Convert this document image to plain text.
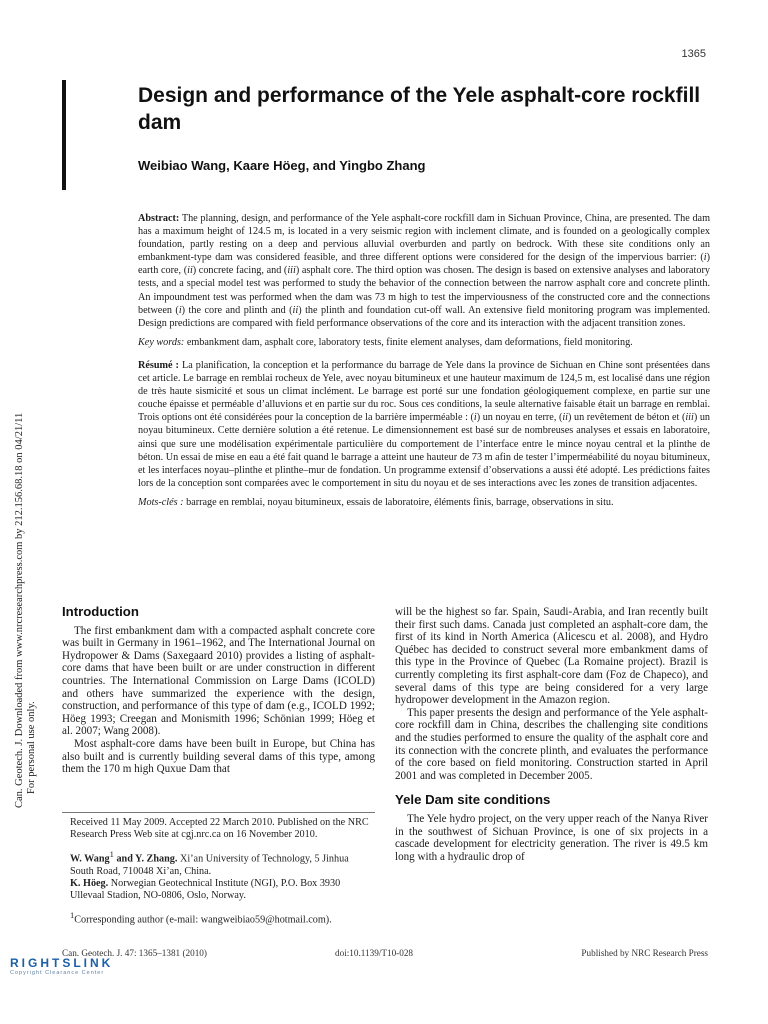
1365
Design and performance of the Yele asphalt-core rockfill dam
Weibiao Wang, Kaare Höeg, and Yingbo Zhang

Abstract: The planning, design, and performance of the Yele asphalt-core rockfill dam in Sichuan Province, China, are presented. The dam has a maximum height of 124.5 m, is located in a very seismic region with inclement climate, and is founded on a geologically complex foundation, partly resting on a deep and pervious alluvial overburden and partly on bedrock. With these site conditions only an embankment-type dam was considered feasible, and three different options were considered for the design of the impervious barrier: (i) earth core, (ii) concrete facing, and (iii) asphalt core. The third option was chosen. The design is based on extensive analyses and laboratory tests, and a special model test was performed to study the behavior of the connection between the narrow asphalt core and concrete plinth. An impoundment test was performed when the dam was 73 m high to test the imperviousness of the constructed core and the connections between (i) the core and plinth and (ii) the plinth and foundation cut-off wall. An extensive field monitoring program was implemented. Design predictions are compared with field performance observations of the core and its interaction with the adjacent transition zones.

Key words: embankment dam, asphalt core, laboratory tests, finite element analyses, dam deformations, field monitoring.

Résumé : La planification, la conception et la performance du barrage de Yele dans la province de Sichuan en Chine sont présentées dans cet article. Le barrage en remblai rocheux de Yele, avec noyau bitumineux et une hauteur maximum de 124,5 m, est localisé dans une région de très haute sismicité et sous un climat inclément. Le barrage est porté sur une fondation géologiquement complexe, en partie sur une couche épaisse et perméable d’alluvions et en partie sur du roc. Sous ces conditions, la seule alternative faisable était un barrage en remblai. Trois options ont été considérées pour la conception de la barrière imperméable : (i) un noyau en terre, (ii) un revêtement de béton et (iii) un noyau bitumineux. Cette dernière solution a été retenue. Le dimensionnement est basé sur de nombreuses analyses et essais en laboratoire, ainsi que sure une modélisation expérimentale particulière du comportement de l’interface entre le mince noyau central et la plinthe de béton. Un essai de mise en eau a été fait quand le barrage a atteint une hauteur de 73 m afin de tester l’imperméabilité du noyau bitumineux, et les interfaces noyau–plinthe et plinthe–mur de fondation. Un programme extensif d’observations a aussi été adopté. Les prédictions faites lors de la conception sont comparées avec le comportement in situ du noyau et de ses interactions avec les zones de transition adjacentes.

Mots-clés : barrage en remblai, noyau bitumineux, essais de laboratoire, éléments finis, barrage, observations in situ.

Can. Geotech. J. Downloaded from www.nrcresearchpress.com by 212.156.68.18 on 04/21/11 For personal use only.
Introduction

The first embankment dam with a compacted asphalt concrete core was built in Germany in 1961–1962, and The International Journal on Hydropower & Dams (Saxegaard 2010) provides a listing of asphalt-core dams that have been built or are under construction in different countries. The International Commission on Large Dams (ICOLD) and others have summarized the experience with the design, construction, and performance of this type of dam (e.g., ICOLD 1992; Höeg 1993; Creegan and Monismith 1996; Schönian 1999; Höeg et al. 2007; Wang 2008).

Most asphalt-core dams have been built in Europe, but China has also built and is currently building several dams of this type, among them the 170 m high Quxue Dam that

Received 11 May 2009. Accepted 22 March 2010. Published on the NRC Research Press Web site at cgj.nrc.ca on 16 November 2010.
W. Wang$^1$ and Y. Zhang. Xi’an University of Technology, 5 Jinhua South Road, 710048 Xi’an, China.
K. Höeg. Norwegian Geotechnical Institute (NGI), P.O. Box 3930 Ullevaal Stadion, NO-0806, Oslo, Norway.
$^1$Corresponding author (e-mail: wangweibiao59@hotmail.com).

will be the highest so far. Spain, Saudi-Arabia, and Iran recently built their first such dams. Canada just completed an asphalt-core dam, the first of its kind in North America (Alicescu et al. 2008), and Hydro Québec has decided to construct several more embankment dams of this type in the Province of Quebec (La Romaine project). Brazil is currently completing its first asphalt-core dam (Foz de Chapeco), and several dams of this type are being considered for a very large hydropower development in the Amazon region.

This paper presents the design and performance of the Yele asphalt-core rockfill dam in China, describes the challenging site conditions and the studies performed to ensure the quality of the asphalt core and its connection with the concrete plinth, and evaluates the performance of the core based on field monitoring. Construction started in April 2001 and was completed in December 2005.

Yele Dam site conditions

The Yele hydro project, on the very upper reach of the Nanya River in the southwest of Sichuan Province, is one of six projects in a cascade development for electricity generation. The river is 49.5 km long with a hydraulic drop of

Can. Geotech. J. 47: 1365–1381 (2010)	doi:10.1139/T10-028	Published by NRC Research Press
RIGHTSLINK
Copyright Clearance Center
